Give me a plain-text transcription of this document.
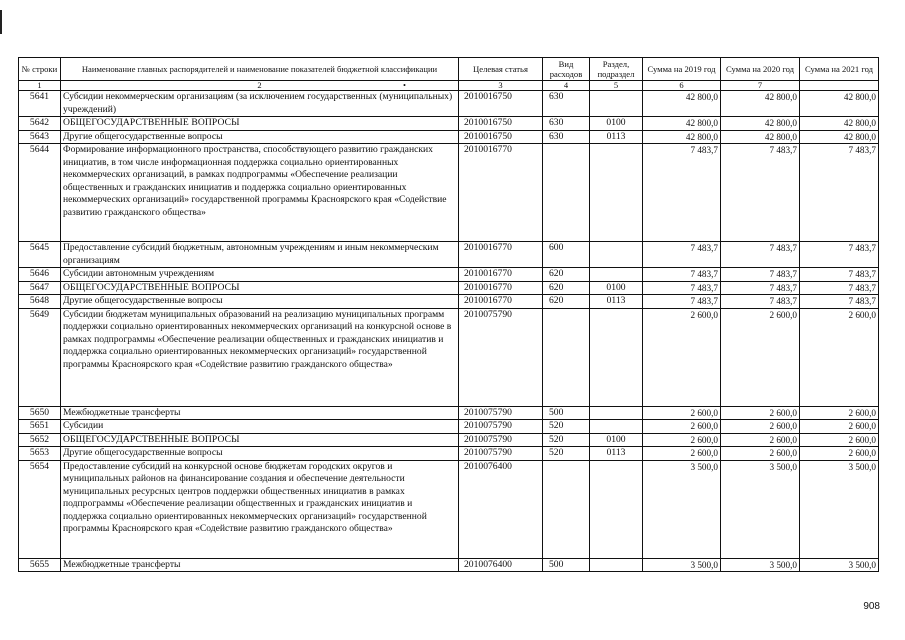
№ строки	Наименование главных распорядителей и наименование показателей бюджетной классификации	Целевая статья	Вид расходов	Раздел, подраздел	Сумма на 2019 год	Сумма на 2020 год	Сумма на 2021 год
1	2 •	3	4	5	6	7	
5641	Субсидии некоммерческим организациям (за исключением государственных (муниципальных) учреждений)	2010016750	630		42 800,0	42 800,0	42 800,0
5642	ОБЩЕГОСУДАРСТВЕННЫЕ ВОПРОСЫ	2010016750	630	0100	42 800,0	42 800,0	42 800,0
5643	Другие общегосударственные вопросы	2010016750	630	0113	42 800,0	42 800,0	42 800,0
5644	Формирование информационного пространства, способствующего развитию гражданских инициатив, в том числе информационная поддержка социально ориентированных некоммерческих организаций, в рамках подпрограммы «Обеспечение реализации общественных и гражданских инициатив и поддержка социально ориентированных некоммерческих организаций» государственной программы Красноярского края «Содействие развитию гражданского общества»	2010016770			7 483,7	7 483,7	7 483,7
5645	Предоставление субсидий бюджетным, автономным учреждениям и иным некоммерческим организациям	2010016770	600		7 483,7	7 483,7	7 483,7
5646	Субсидии автономным учреждениям	2010016770	620		7 483,7	7 483,7	7 483,7
5647	ОБЩЕГОСУДАРСТВЕННЫЕ ВОПРОСЫ	2010016770	620	0100	7 483,7	7 483,7	7 483,7
5648	Другие общегосударственные вопросы	2010016770	620	0113	7 483,7	7 483,7	7 483,7
5649	Субсидии бюджетам муниципальных образований на реализацию муниципальных программ поддержки социально ориентированных некоммерческих организаций на конкурсной основе в рамках подпрограммы «Обеспечение реализации общественных и гражданских инициатив и поддержка социально ориентированных некоммерческих организаций» государственной программы Красноярского края «Содействие развитию гражданского общества»	2010075790			2 600,0	2 600,0	2 600,0
5650	Межбюджетные трансферты	2010075790	500		2 600,0	2 600,0	2 600,0
5651	Субсидии	2010075790	520		2 600,0	2 600,0	2 600,0
5652	ОБЩЕГОСУДАРСТВЕННЫЕ ВОПРОСЫ	2010075790	520	0100	2 600,0	2 600,0	2 600,0
5653	Другие общегосударственные вопросы	2010075790	520	0113	2 600,0	2 600,0	2 600,0
5654	Предоставление субсидий на конкурсной основе бюджетам городских округов и муниципальных районов на финансирование создания и обеспечение деятельности муниципальных ресурсных центров поддержки общественных инициатив в рамках подпрограммы «Обеспечение реализации общественных и гражданских инициатив и поддержка социально ориентированных некоммерческих организаций» государственной программы Красноярского края «Содействие развитию гражданского общества»	2010076400			3 500,0	3 500,0	3 500,0
5655	Межбюджетные трансферты	2010076400	500		3 500,0	3 500,0	3 500,0
908
